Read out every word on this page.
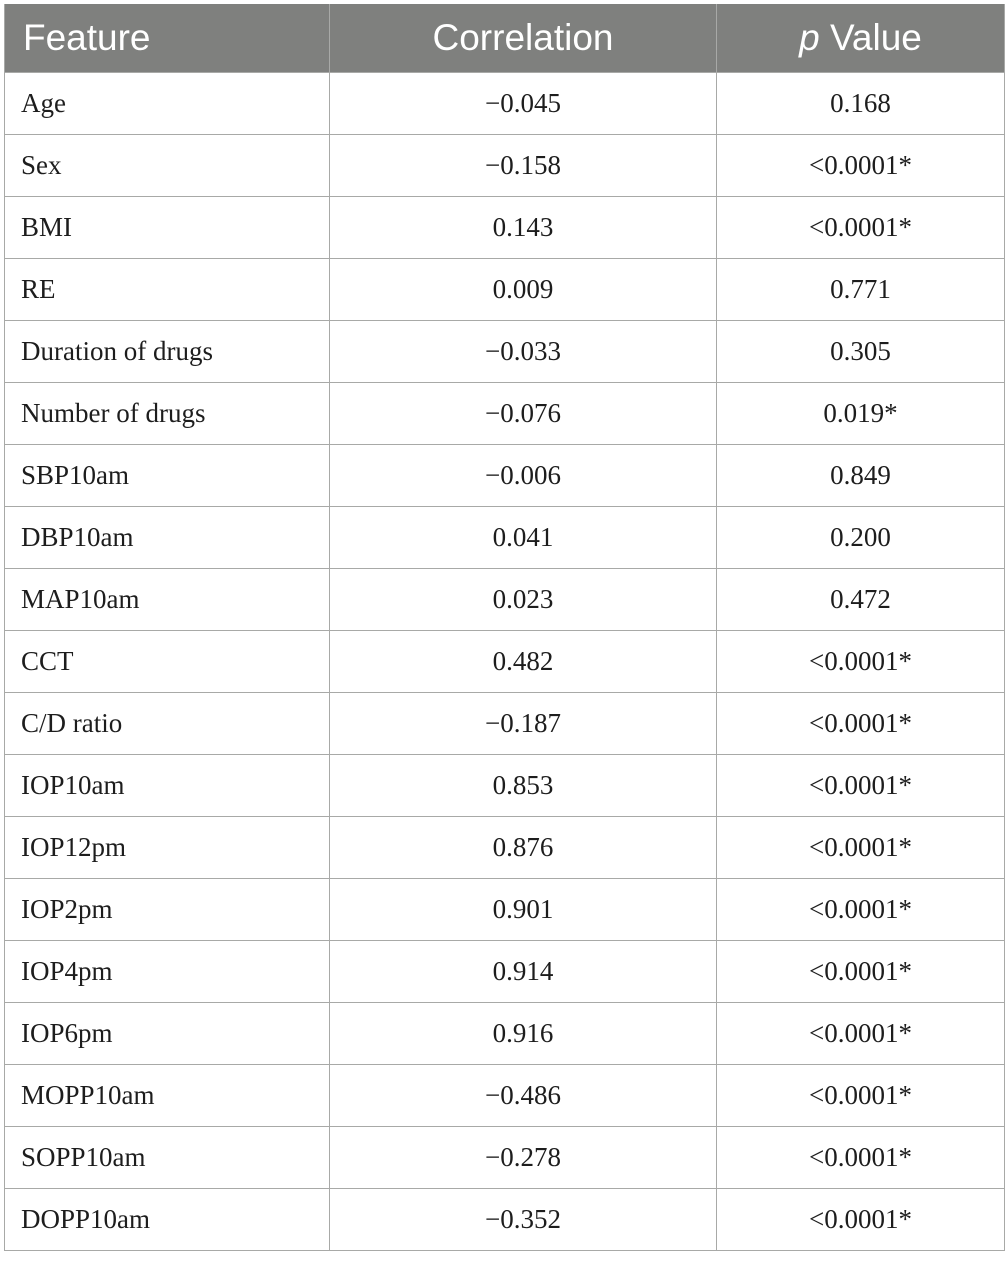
Feature	Correlation	p Value
Age	−0.045	0.168
Sex	−0.158	<0.0001*
BMI	0.143	<0.0001*
RE	0.009	0.771
Duration of drugs	−0.033	0.305
Number of drugs	−0.076	0.019*
SBP10am	−0.006	0.849
DBP10am	0.041	0.200
MAP10am	0.023	0.472
CCT	0.482	<0.0001*
C/D ratio	−0.187	<0.0001*
IOP10am	0.853	<0.0001*
IOP12pm	0.876	<0.0001*
IOP2pm	0.901	<0.0001*
IOP4pm	0.914	<0.0001*
IOP6pm	0.916	<0.0001*
MOPP10am	−0.486	<0.0001*
SOPP10am	−0.278	<0.0001*
DOPP10am	−0.352	<0.0001*
